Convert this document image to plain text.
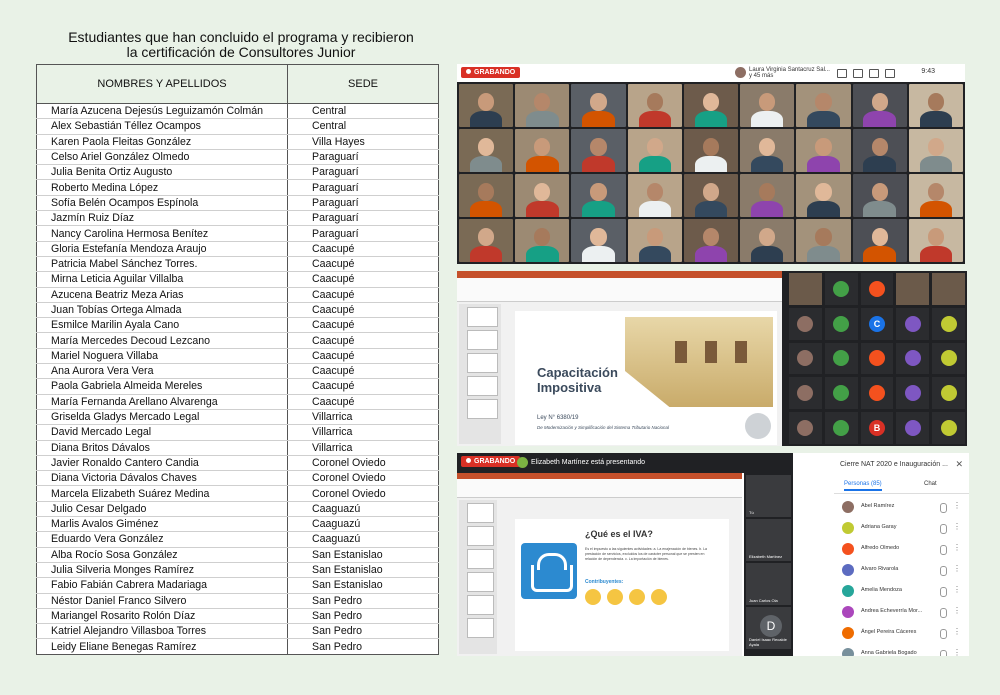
Estudiantes que han concluido el programa y recibieron
la certificación de Consultores Junior
NOMBRES Y APELLIDOS	SEDE
María Azucena Dejesús Leguizamón Colmán	Central
Alex Sebastián Téllez Ocampos	Central
Karen Paola Fleitas González	Villa Hayes
Celso Ariel González Olmedo	Paraguarí
Julia Benita Ortiz Augusto	Paraguarí
Roberto Medina López	Paraguarí
Sofía Belén Ocampos Espínola	Paraguarí
Jazmín Ruiz Díaz	Paraguarí
Nancy Carolina Hermosa Benítez	Paraguarí
Gloria Estefanía Mendoza Araujo	Caacupé
Patricia Mabel Sánchez Torres.	Caacupé
Mirna Leticia Aguilar Villalba	Caacupé
Azucena Beatriz Meza Arias	Caacupé
Juan Tobías Ortega Almada	Caacupé
Esmilce Marilin Ayala Cano	Caacupé
María Mercedes Decoud Lezcano	Caacupé
Mariel Noguera Villaba	Caacupé
Ana Aurora Vera Vera	Caacupé
Paola Gabriela Almeida Mereles	Caacupé
María Fernanda Arellano Alvarenga	Caacupé
Griselda Gladys Mercado Legal	Villarrica
David Mercado Legal	Villarrica
Diana Britos Dávalos	Villarrica
Javier Ronaldo Cantero Candia	Coronel Oviedo
Diana Victoria Dávalos Chaves	Coronel Oviedo
Marcela Elizabeth Suárez Medina	Coronel Oviedo
Julio Cesar Delgado	Caaguazú
Marlis Avalos Giménez	Caaguazú
Eduardo Vera González	Caaguazú
Alba Rocío Sosa González	San Estanislao
Julia Silveria Monges Ramírez	San Estanislao
Fabio Fabián Cabrera Madariaga	San Estanislao
Néstor Daniel Franco Silvero	San Pedro
Mariangel Rosarito Rolón Díaz	San Pedro
Katriel Alejandro Villasboa Torres	San Pedro
Leidy Eliane Benegas Ramírez	San Pedro
GRABANDO	Laura Virginia Santacruz Sal...
y 45 más
9:43
Capacitación
Impositiva
Ley N° 6380/19
De Modernización y Simplificación del Sistema Tributario Nacional
C
B
GRABANDO	Elizabeth Martínez está presentando
¿Qué es el IVA?
Es el impuesto a las siguientes actividades: a. La enajenación de bienes. b. La prestación de servicios, excluidos los de carácter personal que se presten en relación de dependencia. c. La importación de bienes.
Contribuyentes:
Tú
Elizabeth Martínez
Juan Carlos Ola
D
Daniel Isaac Recalde Ayala
Cierre NAT 2020 e Inauguración ... ✕
Personas (85)	Chat
Abel Ramírez	⋮
Adriana Garay	⋮
Alfredo Olmedo	⋮
Alvaro Rivarola	⋮
Amelia Mendoza	⋮
Andrea Echeverría Mor...	⋮
Ángel Pereira Cáceres	⋮
Anna Gabriela Bogado	⋮
